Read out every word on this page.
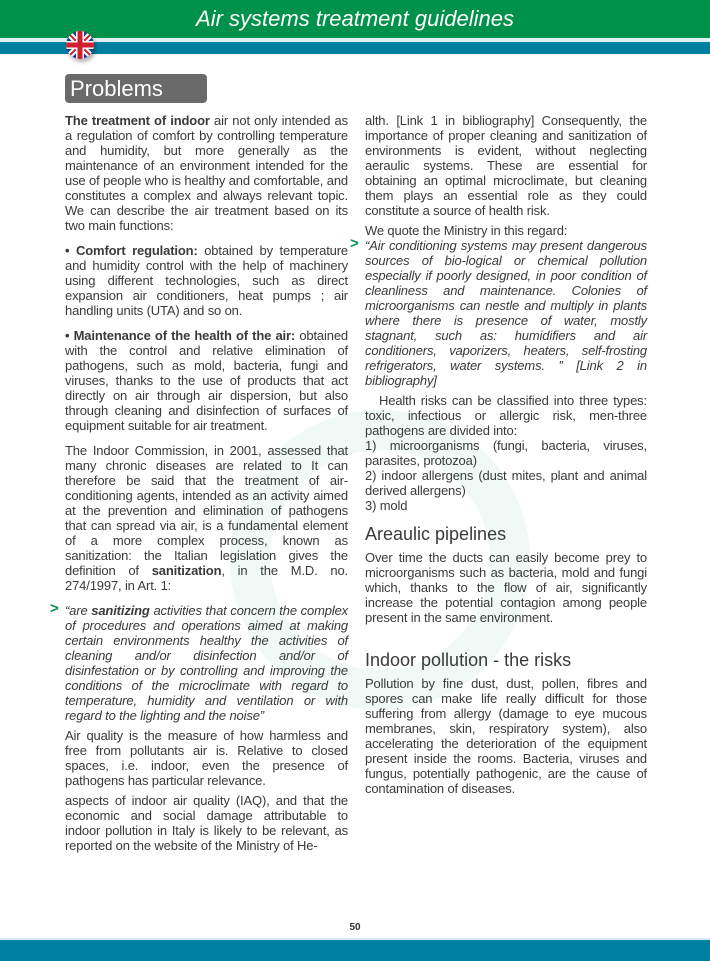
Air systems treatment guidelines
Problems

The treatment of indoor air not only intended as a regulation of comfort by controlling temperature and humidity, but more generally as the maintenance of an environment intended for the use of people who is healthy and comfortable, and constitutes a complex and always relevant topic. We can describe the air treatment based on its two main functions:

• Comfort regulation: obtained by temperature and humidity control with the help of machinery using different technologies, such as direct expansion air conditioners, heat pumps ; air handling units (UTA) and so on.

• Maintenance of the health of the air: obtained with the control and relative elimination of pathogens, such as mold, bacteria, fungi and viruses, thanks to the use of products that act directly on air through air dispersion, but also through cleaning and disinfection of surfaces of equipment suitable for air treatment.

The Indoor Commission, in 2001, assessed that many chronic diseases are related to It can therefore be said that the treatment of air-conditioning agents, intended as an activity aimed at the prevention and elimination of pathogens that can spread via air, is a fundamental element of a more complex process, known as sanitization: the Italian legislation gives the definition of sanitization, in the M.D. no. 274/1997, in Art. 1:

> “are sanitizing activities that concern the complex of procedures and operations aimed at making certain environments healthy the activities of cleaning and/or disinfection and/or of disinfestation or by controlling and improving the conditions of the microclimate with regard to temperature, humidity and ventilation or with regard to the lighting and the noise”

Air quality is the measure of how harmless and free from pollutants air is. Relative to closed spaces, i.e. indoor, even the presence of pathogens has particular relevance.

aspects of indoor air quality (IAQ), and that the economic and social damage attributable to indoor pollution in Italy is likely to be relevant, as reported on the website of the Ministry of He-

alth. [Link 1 in bibliography] Consequently, the importance of proper cleaning and sanitization of environments is evident, without neglecting aeraulic systems. These are essential for obtaining an optimal microclimate, but cleaning them plays an essential role as they could constitute a source of health risk.

We quote the Ministry in this regard:

> “Air conditioning systems may present dangerous sources of bio-logical or chemical pollution especially if poorly designed, in poor condition of cleanliness and maintenance. Colonies of microorganisms can nestle and multiply in plants where there is presence of water, mostly stagnant, such as: humidifiers and air conditioners, vaporizers, heaters, self-frosting refrigerators, water systems. ” [Link 2 in bibliography]

Health risks can be classified into three types: toxic, infectious or allergic risk, men-three pathogens are divided into:

1) microorganisms (fungi, bacteria, viruses, parasites, protozoa)

2) indoor allergens (dust mites, plant and animal derived allergens)

3) mold

Areaulic pipelines

Over time the ducts can easily become prey to microorganisms such as bacteria, mold and fungi which, thanks to the flow of air, significantly increase the potential contagion among people present in the same environment.

Indoor pollution - the risks

Pollution by fine dust, dust, pollen, fibres and spores can make life really difficult for those suffering from allergy (damage to eye mucous membranes, skin, respiratory system), also accelerating the deterioration of the equipment present inside the rooms. Bacteria, viruses and fungus, potentially pathogenic, are the cause of contamination of diseases.

50
